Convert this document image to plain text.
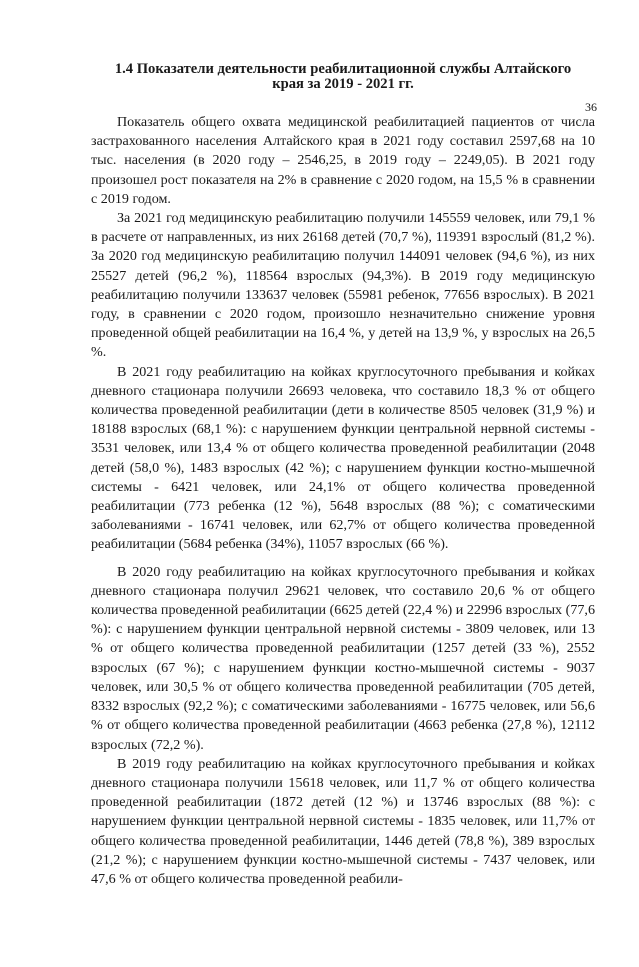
36
1.4 Показатели деятельности реабилитационной службы Алтайского
края за 2019 - 2021 гг.

Показатель общего охвата медицинской реабилитацией пациентов от числа застрахованного населения Алтайского края в 2021 году составил 2597,68 на 10 тыс. населения (в 2020 году – 2546,25, в 2019 году – 2249,05). В 2021 году произошел рост показателя на 2% в сравнение с 2020 годом, на 15,5 % в сравнении с 2019 годом.

За 2021 год медицинскую реабилитацию получили 145559 человек, или 79,1 % в расчете от направленных, из них 26168 детей (70,7 %), 119391 взрослый (81,2 %). За 2020 год медицинскую реабилитацию получил 144091 человек (94,6 %), из них 25527 детей (96,2 %), 118564 взрослых (94,3%). В 2019 году медицинскую реабилитацию получили 133637 человек (55981 ребенок, 77656 взрослых). В 2021 году, в сравнении с 2020 годом, произошло незначительно снижение уровня проведенной общей реабилитации на 16,4 %, у детей на 13,9 %, у взрослых на 26,5 %.

В 2021 году реабилитацию на койках круглосуточного пребывания и койках дневного стационара получили 26693 человека, что составило 18,3 % от общего количества проведенной реабилитации (дети в количестве 8505 человек (31,9 %) и 18188 взрослых (68,1 %): с нарушением функции центральной нервной системы - 3531 человек, или 13,4 % от общего количества проведенной реабилитации (2048 детей (58,0 %), 1483 взрослых (42 %); с нарушением функции костно-мышечной системы - 6421 человек, или 24,1% от общего количества проведенной реабилитации (773 ребенка (12 %), 5648 взрослых (88 %); с соматическими заболеваниями - 16741 человек, или 62,7% от общего количества проведенной реабилитации (5684 ребенка (34%), 11057 взрослых (66 %).

В 2020 году реабилитацию на койках круглосуточного пребывания и койках дневного стационара получил 29621 человек, что составило 20,6 % от общего количества проведенной реабилитации (6625 детей (22,4 %) и 22996 взрослых (77,6 %): с нарушением функции центральной нервной системы - 3809 человек, или 13 % от общего количества проведенной реабилитации (1257 детей (33 %), 2552 взрослых (67 %); с нарушением функции костно-мышечной системы - 9037 человек, или 30,5 % от общего количества проведенной реабилитации (705 детей, 8332 взрослых (92,2 %); с соматическими заболеваниями - 16775 человек, или 56,6 % от общего количества проведенной реабилитации (4663 ребенка (27,8 %), 12112 взрослых (72,2 %).

В 2019 году реабилитацию на койках круглосуточного пребывания и койках дневного стационара получили 15618 человек, или 11,7 % от общего количества проведенной реабилитации (1872 детей (12 %) и 13746 взрослых (88 %): с нарушением функции центральной нервной системы - 1835 человек, или 11,7% от общего количества проведенной реабилитации, 1446 детей (78,8 %), 389 взрослых (21,2 %); с нарушением функции костно-мышечной системы - 7437 человек, или 47,6 % от общего количества проведенной реабили-
